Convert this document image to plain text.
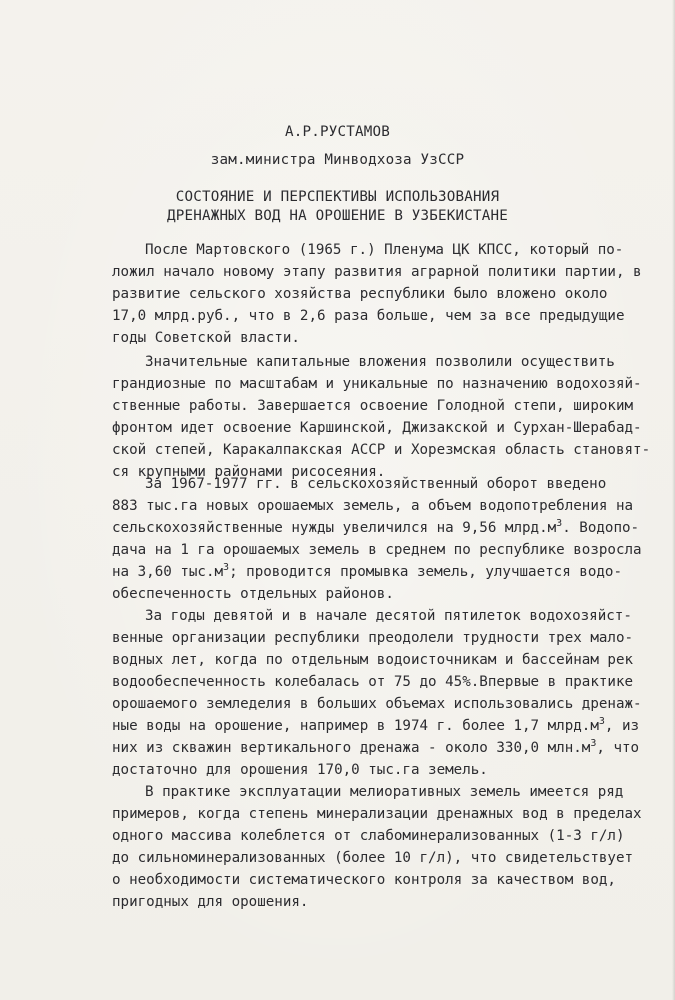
А.Р.РУСТАМОВ
зам.министра Минводхоза УзССР
СОСТОЯНИЕ И ПЕРСПЕКТИВЫ ИСПОЛЬЗОВАНИЯ
ДРЕНАЖНЫХ ВОД НА ОРОШЕНИЕ В УЗБЕКИСТАНЕ
После Мартовского (1965 г.) Пленума ЦК КПСС, который по-
ложил начало новому этапу развития аграрной политики партии, в
развитие сельского хозяйства республики было вложено около
17,0 млрд.руб., что в 2,6 раза больше, чем за все предыдущие
годы Советской власти.
Значительные капитальные вложения позволили осуществить
грандиозные по масштабам и уникальные по назначению водохозяй-
ственные работы. Завершается освоение Голодной степи, широким
фронтом идет освоение Каршинской, Джизакской и Сурхан-Шерабад-
ской степей, Каракалпакская АССР и Хорезмская область становят-
ся крупными районами рисосеяния.
За 1967-1977 гг. в сельскохозяйственный оборот введено
883 тыс.га новых орошаемых земель, а объем водопотребления на
сельскохозяйственные нужды увеличился на 9,56 $млрд.м^3$. Водопо-
дача на 1 га орошаемых земель в среднем по республике возросла
на 3,60 $тыс.м^3$; проводится промывка земель, улучшается водо-
обеспеченность отдельных районов.
За годы девятой и в начале десятой пятилеток водохозяйст-
венные организации республики преодолели трудности трех мало-
водных лет, когда по отдельным водоисточникам и бассейнам рек
водообеспеченность колебалась от 75 до 45%.Впервые в практике
орошаемого земледелия в больших объемах использовались дренаж-
ные воды на орошение, например в 1974 г. более 1,7 $млрд.м^3$, из
них из скважин вертикального дренажа - около 330,0 $млн.м^3$, что
достаточно для орошения 170,0 тыс.га земель.
В практике эксплуатации мелиоративных земель имеется ряд
примеров, когда степень минерализации дренажных вод в пределах
одного массива колеблется от слабоминерализованных (1-3 г/л)
до сильноминерализованных (более 10 г/л), что свидетельствует
о необходимости систематического контроля за качеством вод,
пригодных для орошения.
